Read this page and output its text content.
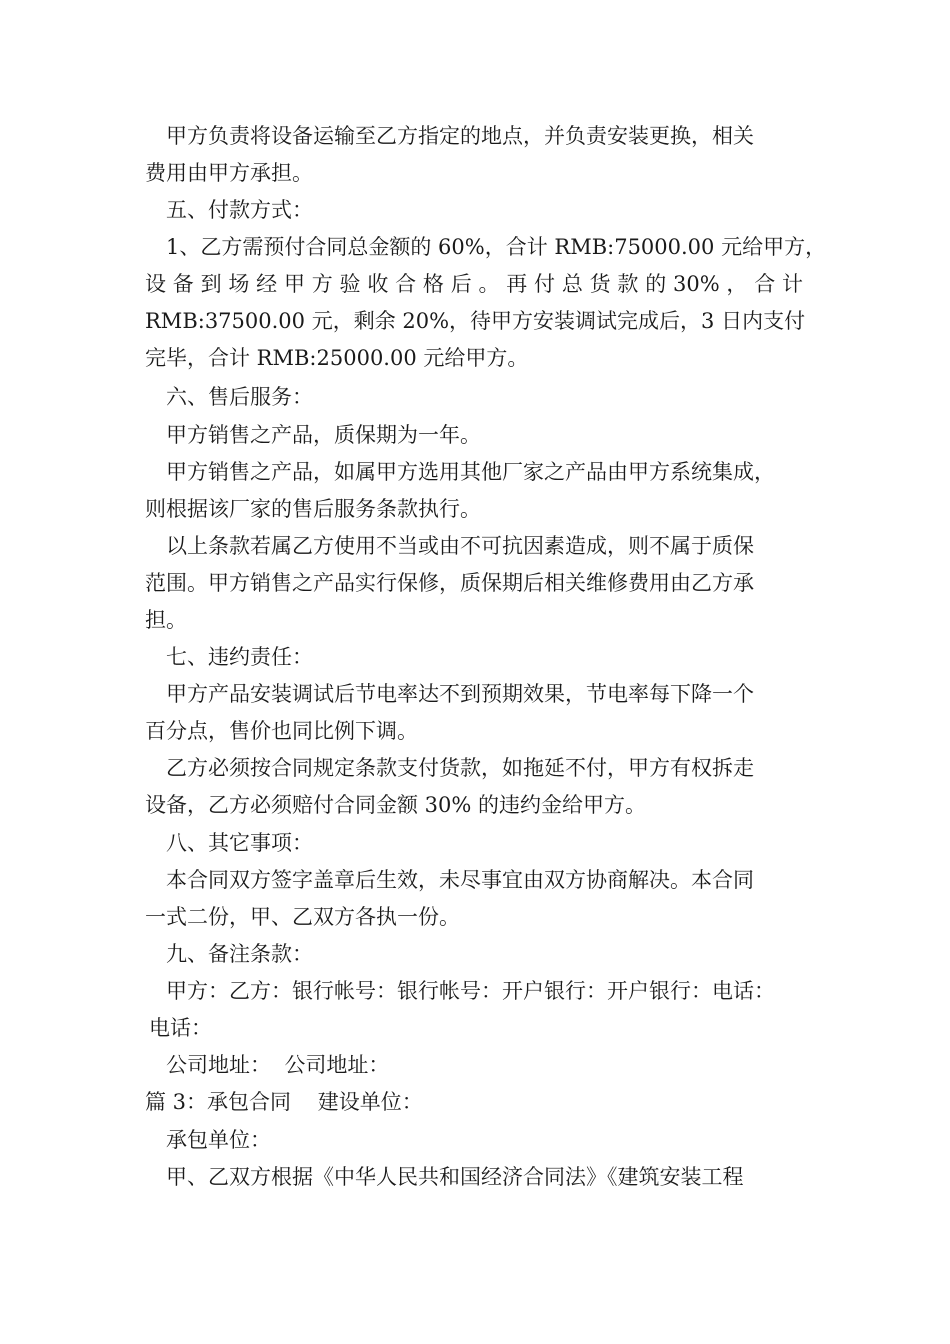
甲方负责将设备运输至乙方指定的地点，并负责安装更换，相关
费用由甲方承担。
五、付款方式：
1、乙方需预付合同总金额的 60%，合计 RMB:75000.00 元给甲方，
设 备 到 场 经 甲 方 验 收 合 格 后 。 再 付 总 货 款 的 30% ， 合 计
RMB:37500.00 元，剩余 20%，待甲方安装调试完成后，3 日内支付
完毕，合计 RMB:25000.00 元给甲方。
六、售后服务：
甲方销售之产品，质保期为一年。
甲方销售之产品，如属甲方选用其他厂家之产品由甲方系统集成，
则根据该厂家的售后服务条款执行。
以上条款若属乙方使用不当或由不可抗因素造成，则不属于质保
范围。甲方销售之产品实行保修，质保期后相关维修费用由乙方承
担。
七、违约责任：
甲方产品安装调试后节电率达不到预期效果，节电率每下降一个
百分点，售价也同比例下调。
乙方必须按合同规定条款支付货款，如拖延不付，甲方有权拆走
设备，乙方必须赔付合同金额 30% 的违约金给甲方。
八、其它事项：
本合同双方签字盖章后生效，未尽事宜由双方协商解决。本合同
一式二份，甲、乙双方各执一份。
九、备注条款：
甲方：乙方：银行帐号：银行帐号：开户银行：开户银行：电话：
电话：
公司地址：  公司地址：
篇 3：承包合同    建设单位：
承包单位：
甲、乙双方根据《中华人民共和国经济合同法》《建筑安装工程
